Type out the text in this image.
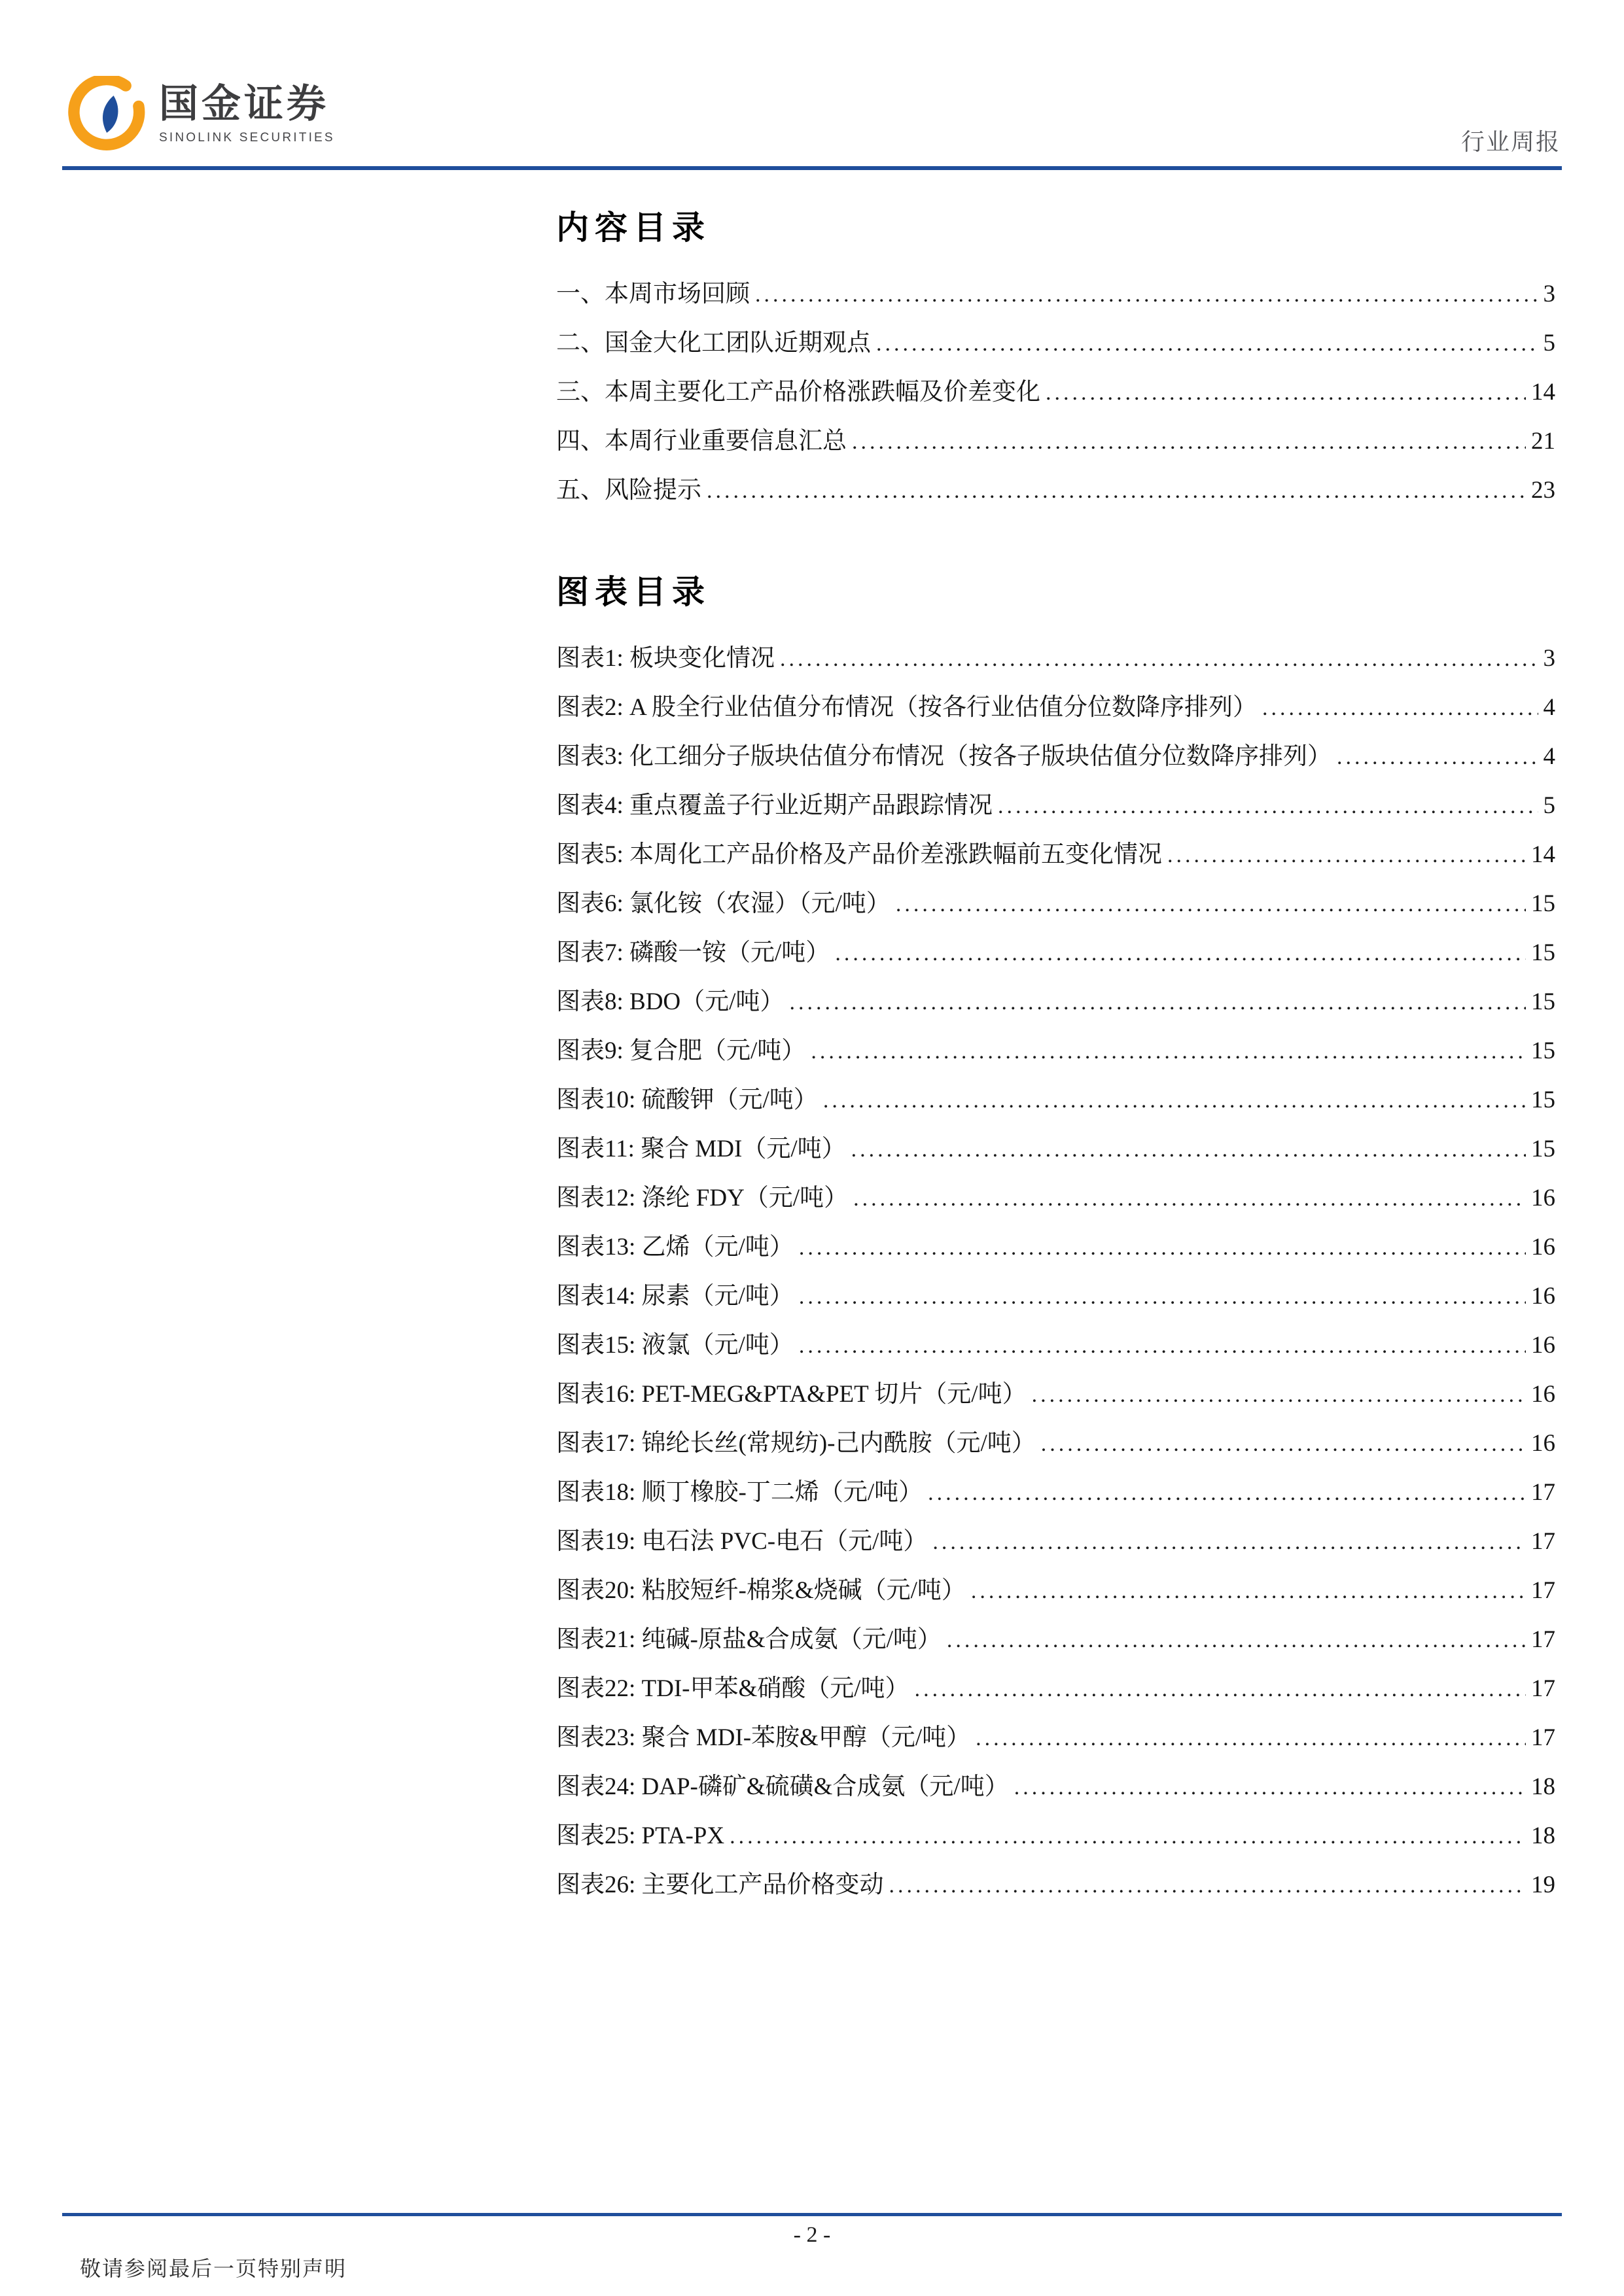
国金证券
SINOLINK SECURITIES	行业周报
内容目录
一、本周市场回顾 .....	3
二、国金大化工团队近期观点 .....	5
三、本周主要化工产品价格涨跌幅及价差变化 .....	14
四、本周行业重要信息汇总 .....	21
五、风险提示 .....	23
图表目录
图表1: 板块变化情况 .....	3
图表2: A 股全行业估值分布情况（按各行业估值分位数降序排列） .....	4
图表3: 化工细分子版块估值分布情况（按各子版块估值分位数降序排列） .....	4
图表4: 重点覆盖子行业近期产品跟踪情况 .....	5
图表5: 本周化工产品价格及产品价差涨跌幅前五变化情况 .....	14
图表6: 氯化铵（农湿）（元/吨） .....	15
图表7: 磷酸一铵（元/吨） .....	15
图表8: BDO（元/吨） .....	15
图表9: 复合肥（元/吨） .....	15
图表10: 硫酸钾（元/吨） .....	15
图表11: 聚合 MDI（元/吨） .....	15
图表12: 涤纶 FDY（元/吨） .....	16
图表13: 乙烯（元/吨） .....	16
图表14: 尿素（元/吨） .....	16
图表15: 液氯（元/吨） .....	16
图表16: PET-MEG&PTA&PET 切片（元/吨） .....	16
图表17: 锦纶长丝(常规纺)-己内酰胺（元/吨） .....	16
图表18: 顺丁橡胶-丁二烯（元/吨） .....	17
图表19: 电石法 PVC-电石（元/吨） .....	17
图表20: 粘胶短纤-棉浆&烧碱（元/吨） .....	17
图表21: 纯碱-原盐&合成氨（元/吨） .....	17
图表22: TDI-甲苯&硝酸（元/吨） .....	17
图表23: 聚合 MDI-苯胺&甲醇（元/吨） .....	17
图表24: DAP-磷矿&硫磺&合成氨（元/吨） .....	18
图表25: PTA-PX .....	18
图表26: 主要化工产品价格变动 .....	19
- 2 -
敬请参阅最后一页特别声明
